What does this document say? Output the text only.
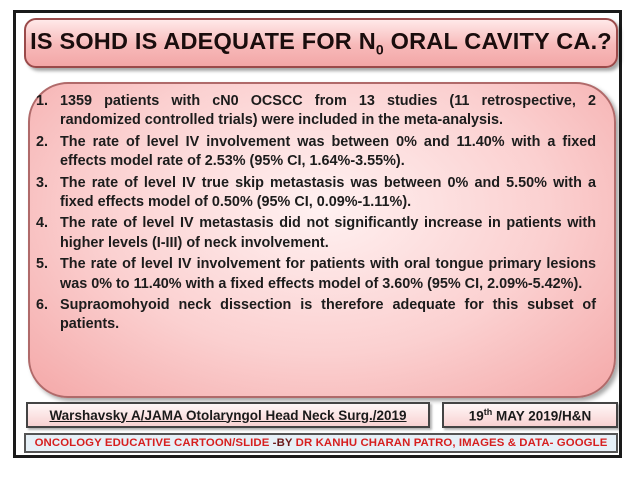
IS SOHD IS ADEQUATE FOR $N_0$ ORAL CAVITY CA.?
1. 1359 patients with cN0 OCSCC from 13 studies (11 retrospective, 2 randomized controlled trials) were included in the meta-analysis.
2. The rate of level IV involvement was between 0% and 11.40% with a fixed effects model rate of 2.53% (95% CI, 1.64%-3.55%).
3. The rate of level IV true skip metastasis was between 0% and 5.50% with a fixed effects model of 0.50% (95% CI, 0.09%-1.11%).
4. The rate of level IV metastasis did not significantly increase in patients with higher levels (I-III) of neck involvement.
5. The rate of level IV involvement for patients with oral tongue primary lesions was 0% to 11.40% with a fixed effects model of 3.60% (95% CI, 2.09%-5.42%).
6. Supraomohyoid neck dissection is therefore adequate for this subset of patients.
Warshavsky A/JAMA Otolaryngol Head Neck Surg./2019	19th MAY 2019/H&N
ONCOLOGY EDUCATIVE CARTOON/SLIDE -BY DR KANHU CHARAN PATRO, IMAGES & DATA- GOOGLE
